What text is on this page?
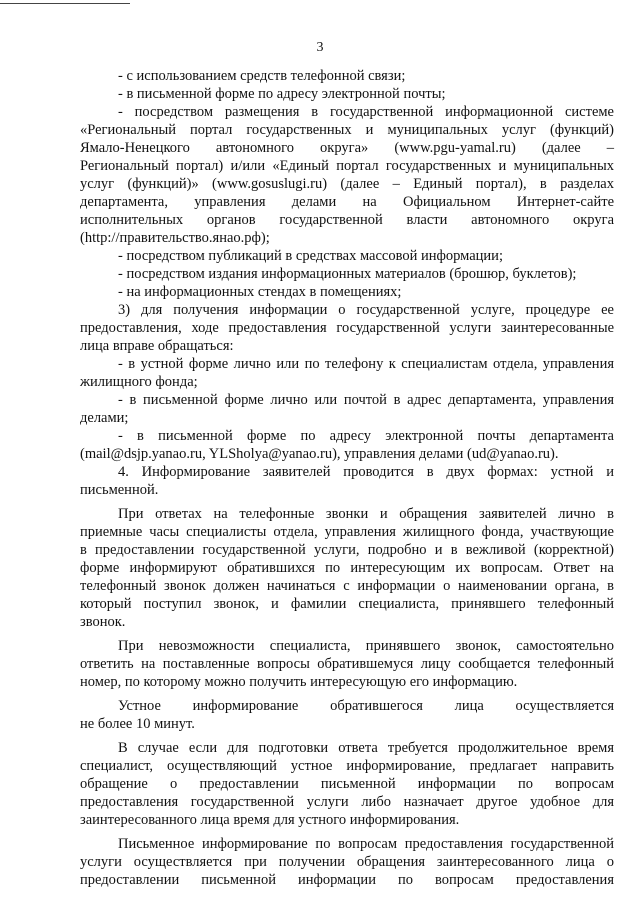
3

- с использованием средств телефонной связи;

- в письменной форме по адресу электронной почты;

- посредством размещения в государственной информационной системе
«Региональный портал государственных и муниципальных услуг (функций)
Ямало-Ненецкого автономного округа» (www.pgu-yamal.ru) (далее –
Региональный портал) и/или «Единый портал государственных и муниципальных
услуг (функций)» (www.gosuslugi.ru) (далее – Единый портал), в разделах
департамента, управления делами на Официальном Интернет-сайте
исполнительных органов государственной власти автономного округа
(http://правительство.янао.рф);

- посредством публикаций в средствах массовой информации;

- посредством издания информационных материалов (брошюр, буклетов);

- на информационных стендах в помещениях;

3) для получения информации о государственной услуге, процедуре ее
предоставления, ходе предоставления государственной услуги заинтересованные
лица вправе обращаться:

- в устной форме лично или по телефону к специалистам отдела, управления
жилищного фонда;

- в письменной форме лично или почтой в адрес департамента, управления
делами;

- в письменной форме по адресу электронной почты департамента
(mail@dsjp.yanao.ru, YLSholya@yanao.ru), управления делами (ud@yanao.ru).

4. Информирование заявителей проводится в двух формах: устной и
письменной.

При ответах на телефонные звонки и обращения заявителей лично в
приемные часы специалисты отдела, управления жилищного фонда, участвующие
в предоставлении государственной услуги, подробно и в вежливой (корректной)
форме информируют обратившихся по интересующим их вопросам. Ответ на
телефонный звонок должен начинаться с информации о наименовании органа, в
который поступил звонок, и фамилии специалиста, принявшего телефонный
звонок.

При невозможности специалиста, принявшего звонок, самостоятельно
ответить на поставленные вопросы обратившемуся лицу сообщается телефонный
номер, по которому можно получить интересующую его информацию.

Устное информирование обратившегося лица осуществляется
не более 10 минут.

В случае если для подготовки ответа требуется продолжительное время
специалист, осуществляющий устное информирование, предлагает направить
обращение о предоставлении письменной информации по вопросам
предоставления государственной услуги либо назначает другое удобное для
заинтересованного лица время для устного информирования.

Письменное информирование по вопросам предоставления государственной
услуги осуществляется при получении обращения заинтересованного лица о
предоставлении письменной информации по вопросам предоставления
